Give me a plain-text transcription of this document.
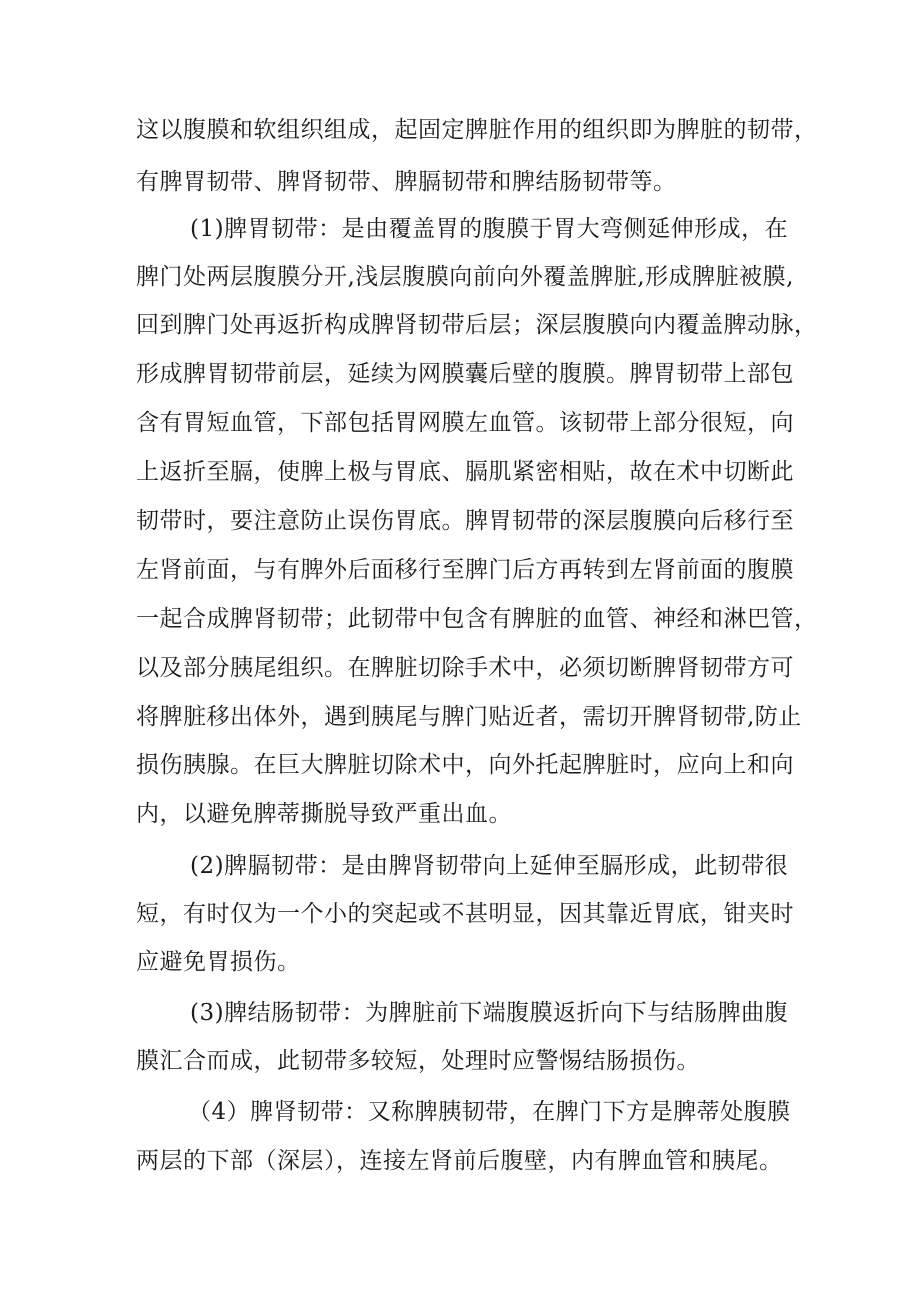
这以腹膜和软组织组成，起固定脾脏作用的组织即为脾脏的韧带，
有脾胃韧带、脾肾韧带、脾膈韧带和脾结肠韧带等。
(1)脾胃韧带：是由覆盖胃的腹膜于胃大弯侧延伸形成，在
脾门处两层腹膜分开,浅层腹膜向前向外覆盖脾脏,形成脾脏被膜,
回到脾门处再返折构成脾肾韧带后层；深层腹膜向内覆盖脾动脉，
形成脾胃韧带前层，延续为网膜囊后壁的腹膜。脾胃韧带上部包
含有胃短血管，下部包括胃网膜左血管。该韧带上部分很短，向
上返折至膈，使脾上极与胃底、膈肌紧密相贴，故在术中切断此
韧带时，要注意防止误伤胃底。脾胃韧带的深层腹膜向后移行至
左肾前面，与有脾外后面移行至脾门后方再转到左肾前面的腹膜
一起合成脾肾韧带；此韧带中包含有脾脏的血管、神经和淋巴管，
以及部分胰尾组织。在脾脏切除手术中，必须切断脾肾韧带方可
将脾脏移出体外，遇到胰尾与脾门贴近者，需切开脾肾韧带,防止
损伤胰腺。在巨大脾脏切除术中，向外托起脾脏时，应向上和向
内，以避免脾蒂撕脱导致严重出血。
(2)脾膈韧带：是由脾肾韧带向上延伸至膈形成，此韧带很
短，有时仅为一个小的突起或不甚明显，因其靠近胃底，钳夹时
应避免胃损伤。
(3)脾结肠韧带：为脾脏前下端腹膜返折向下与结肠脾曲腹
膜汇合而成，此韧带多较短，处理时应警惕结肠损伤。
（4）脾肾韧带：又称脾胰韧带，在脾门下方是脾蒂处腹膜
两层的下部（深层），连接左肾前后腹壁，内有脾血管和胰尾。
